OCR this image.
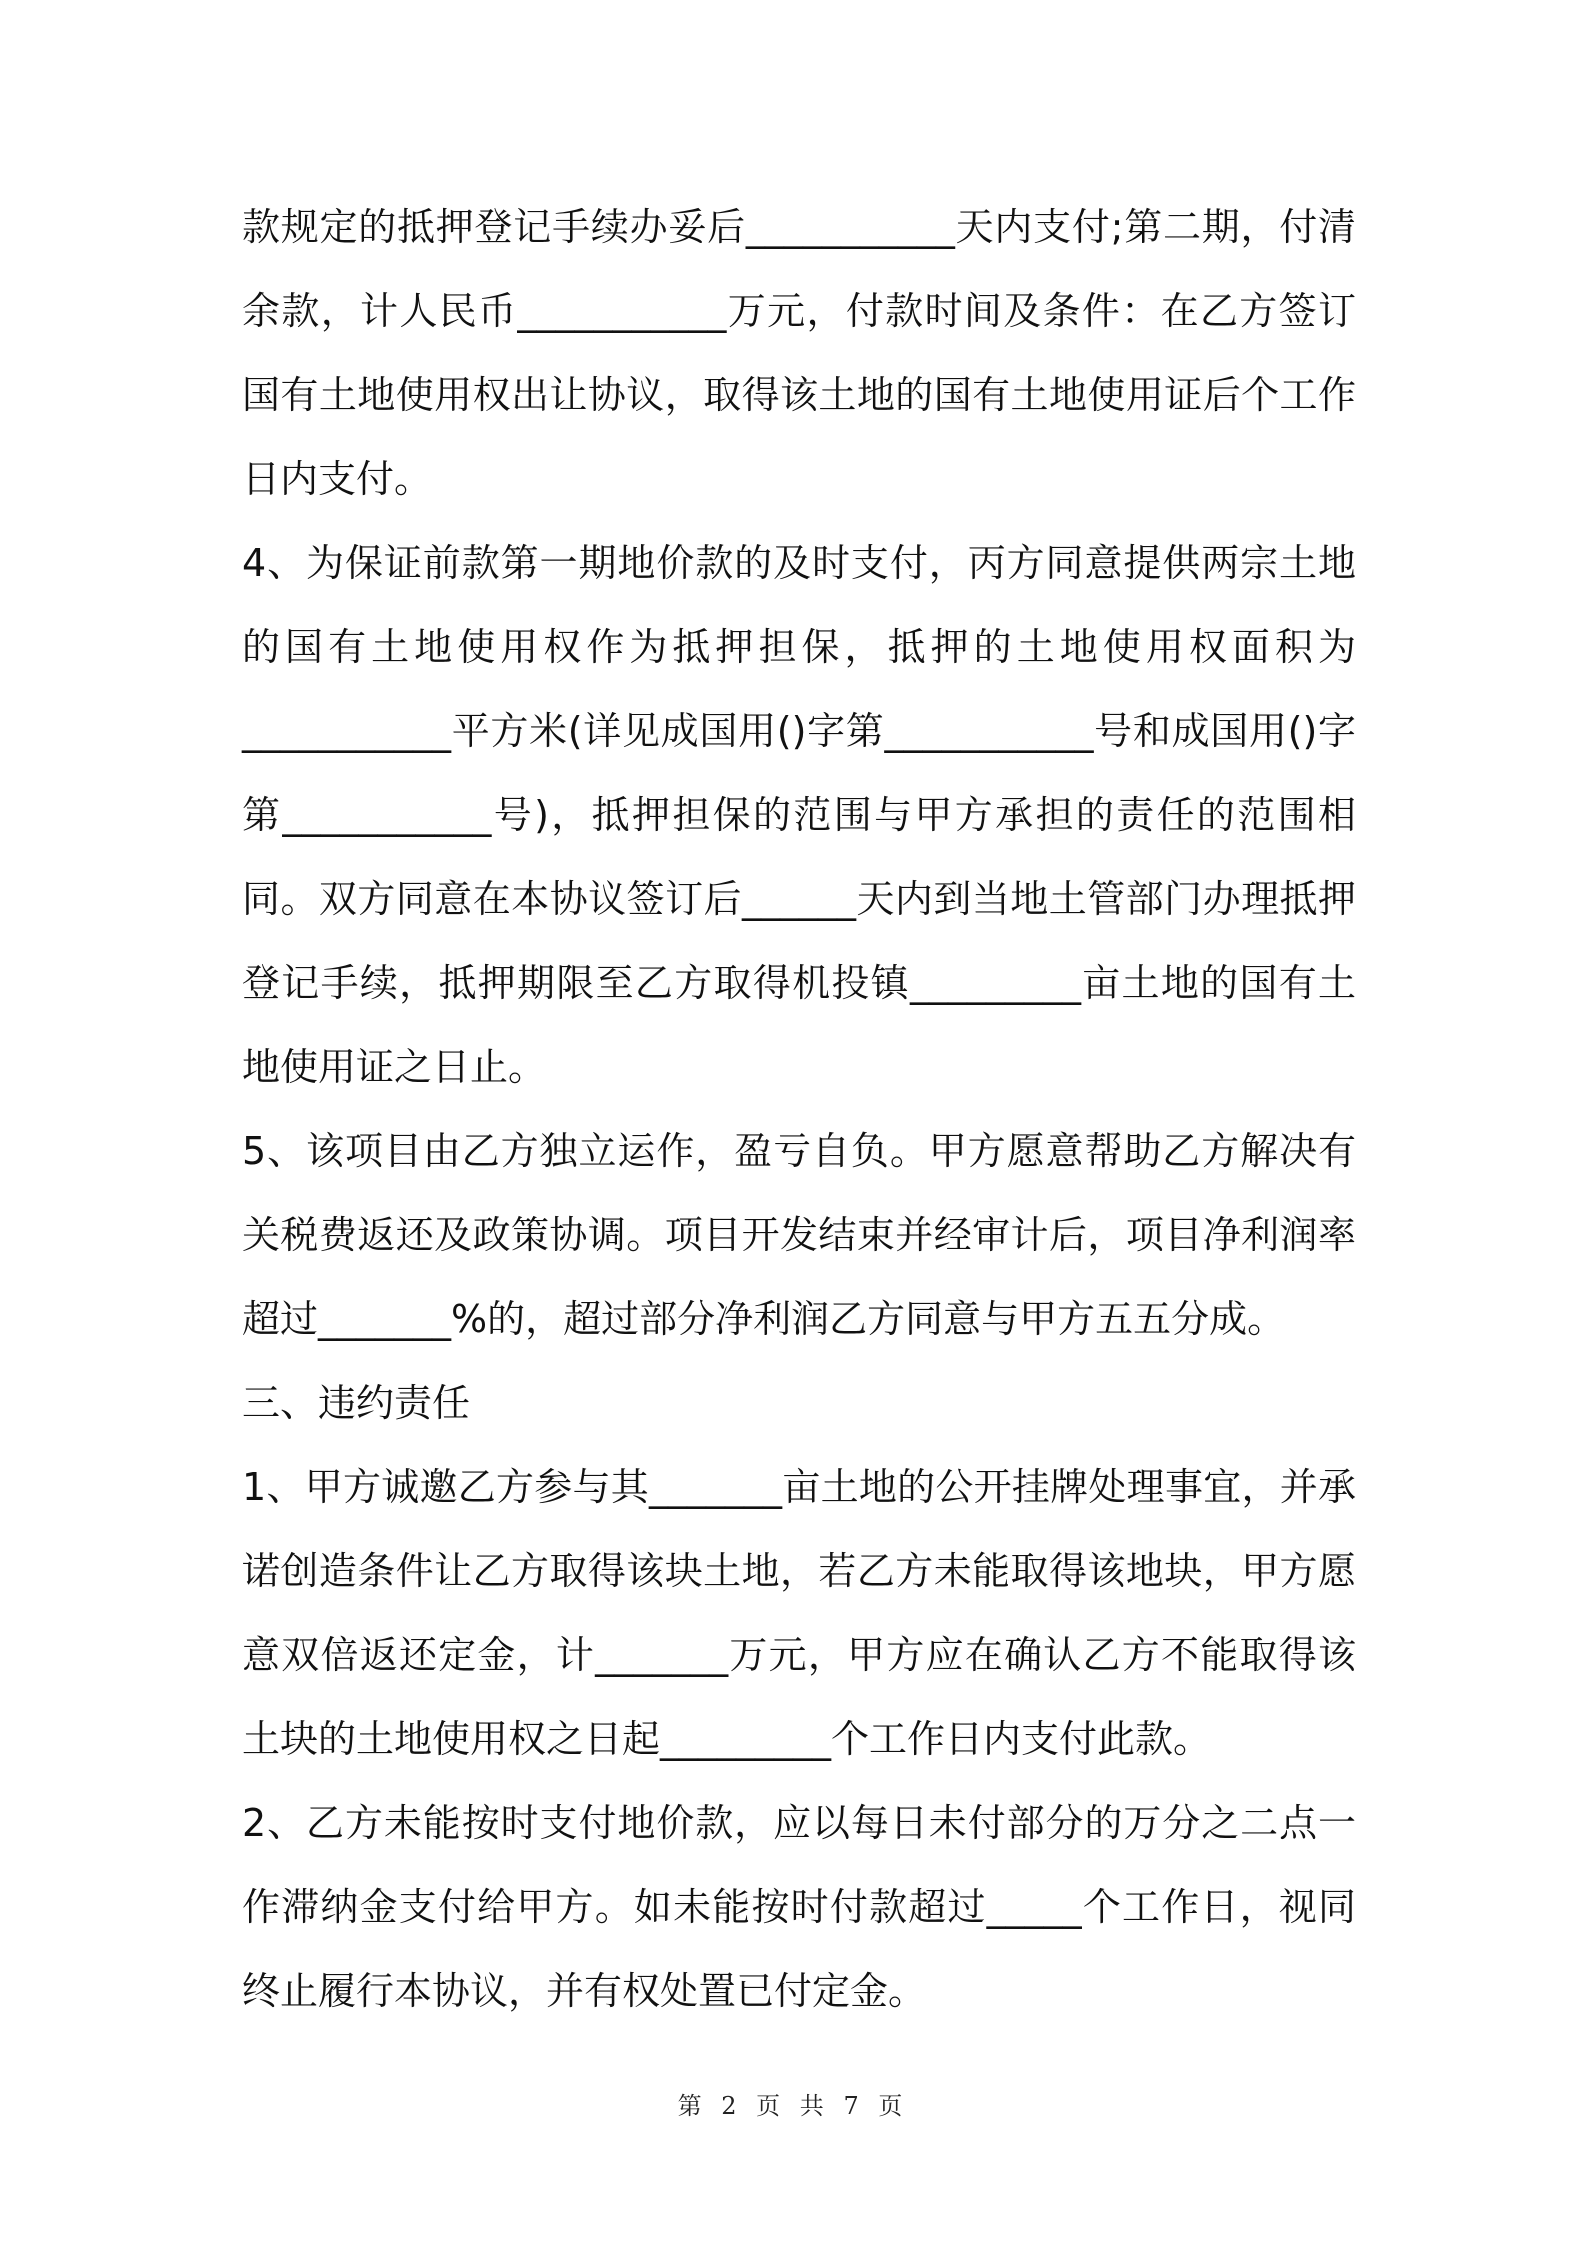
款规定的抵押登记手续办妥后___________天内支付;第二期，付清余款，计人民币___________万元，付款时间及条件：在乙方签订国有土地使用权出让协议，取得该土地的国有土地使用证后个工作日内支付。

4、为保证前款第一期地价款的及时支付，丙方同意提供两宗土地的国有土地使用权作为抵押担保，抵押的土地使用权面积为___________平方米(详见成国用()字第___________号和成国用()字第___________号)，抵押担保的范围与甲方承担的责任的范围相同。双方同意在本协议签订后______天内到当地土管部门办理抵押登记手续，抵押期限至乙方取得机投镇_________亩土地的国有土地使用证之日止。

5、该项目由乙方独立运作，盈亏自负。甲方愿意帮助乙方解决有关税费返还及政策协调。项目开发结束并经审计后，项目净利润率超过_______%的，超过部分净利润乙方同意与甲方五五分成。

三、违约责任

1、甲方诚邀乙方参与其_______亩土地的公开挂牌处理事宜，并承诺创造条件让乙方取得该块土地，若乙方未能取得该地块，甲方愿意双倍返还定金，计_______万元，甲方应在确认乙方不能取得该土块的土地使用权之日起_________个工作日内支付此款。

2、乙方未能按时支付地价款，应以每日未付部分的万分之二点一作滞纳金支付给甲方。如未能按时付款超过_____个工作日，视同终止履行本协议，并有权处置已付定金。

第 2 页 共 7 页
